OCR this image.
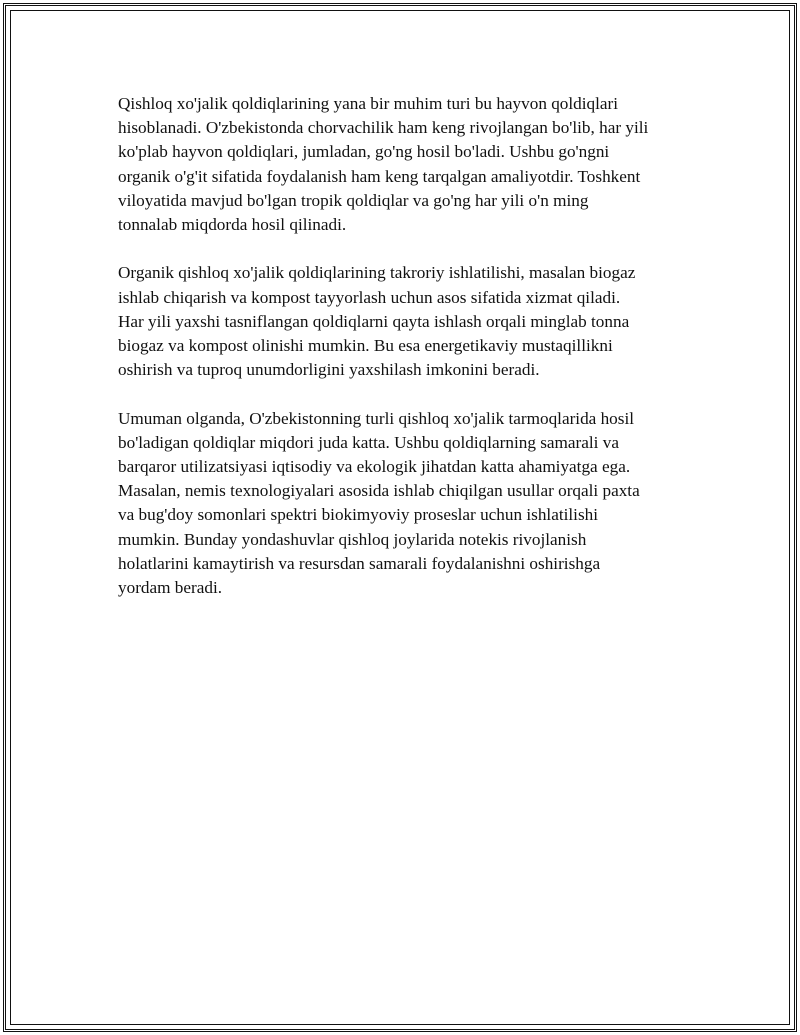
Qishloq xo'jalik qoldiqlarining yana bir muhim turi bu hayvon qoldiqlari
hisoblanadi. O'zbekistonda chorvachilik ham keng rivojlangan bo'lib, har yili
ko'plab hayvon qoldiqlari, jumladan, go'ng hosil bo'ladi. Ushbu go'ngni
organik o'g'it sifatida foydalanish ham keng tarqalgan amaliyotdir. Toshkent
viloyatida mavjud bo'lgan tropik qoldiqlar va go'ng har yili o'n ming
tonnalab miqdorda hosil qilinadi.

Organik qishloq xo'jalik qoldiqlarining takroriy ishlatilishi, masalan biogaz
ishlab chiqarish va kompost tayyorlash uchun asos sifatida xizmat qiladi.
Har yili yaxshi tasniflangan qoldiqlarni qayta ishlash orqali minglab tonna
biogaz va kompost olinishi mumkin. Bu esa energetikaviy mustaqillikni
oshirish va tuproq unumdorligini yaxshilash imkonini beradi.

Umuman olganda, O'zbekistonning turli qishloq xo'jalik tarmoqlarida hosil
bo'ladigan qoldiqlar miqdori juda katta. Ushbu qoldiqlarning samarali va
barqaror utilizatsiyasi iqtisodiy va ekologik jihatdan katta ahamiyatga ega.
Masalan, nemis texnologiyalari asosida ishlab chiqilgan usullar orqali paxta
va bug'doy somonlari spektri biokimyoviy proseslar uchun ishlatilishi
mumkin. Bunday yondashuvlar qishloq joylarida notekis rivojlanish
holatlarini kamaytirish va resursdan samarali foydalanishni oshirishga
yordam beradi.
